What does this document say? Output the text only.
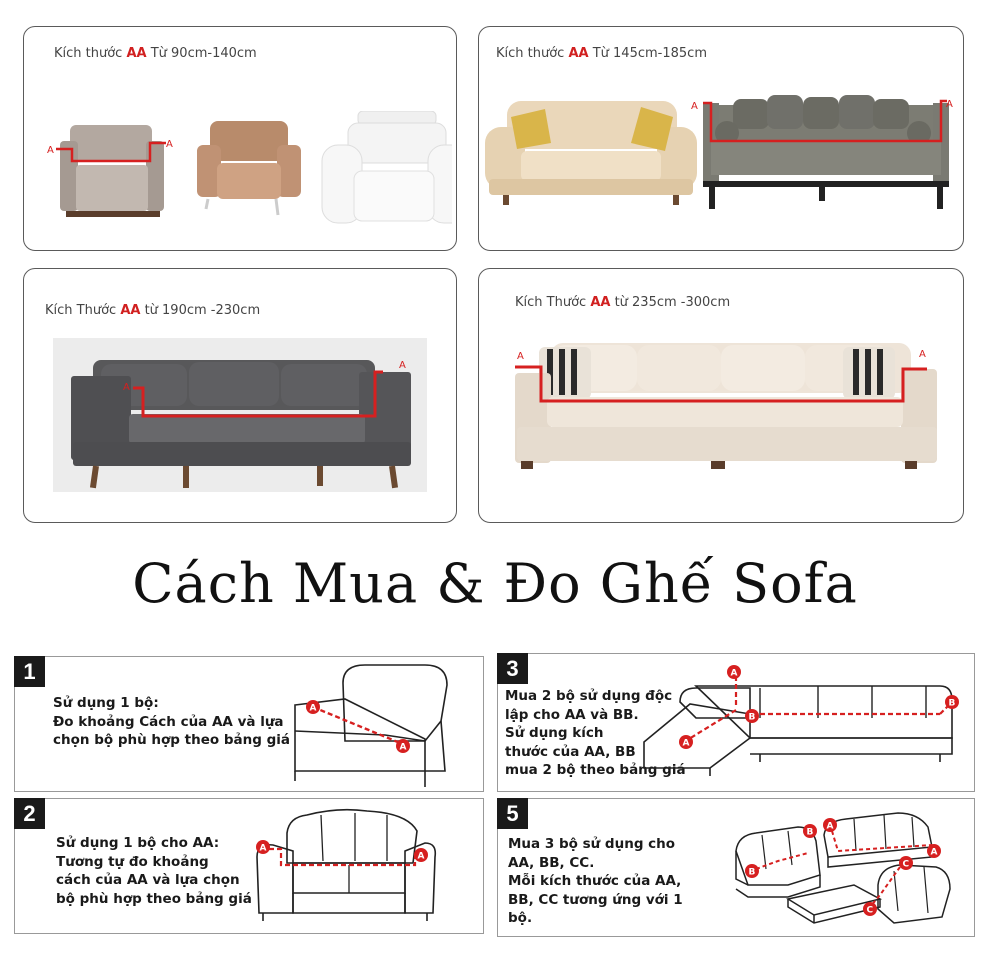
Kích thước AA Từ 90cm-140cm
A
A
Kích thước AA Từ 145cm-185cm
A	A
Kích Thước AA từ 190cm -230cm
A
A
Kích Thước AA từ 235cm -300cm
A	A
Cách Mua & Đo Ghế Sofa
1
Sử dụng 1 bộ:
Đo khoảng Cách của AA và lựa
chọn bộ phù hợp theo bảng giá
A
A
3
Mua 2 bộ sử dụng độc
lập cho AA và BB.
Sử dụng kích
thước của AA, BB
mua 2 bộ theo bảng giá
A
A
B
B
2
Sử dụng 1 bộ cho AA:
Tương tự đo khoảng
cách của AA và lựa chọn
bộ phù hợp theo bảng giá
A
A
5
Mua 3 bộ sử dụng cho
AA, BB, CC.
Mỗi kích thước của AA,
BB, CC tương ứng với 1
bộ.
B
B
A
A
C
C
